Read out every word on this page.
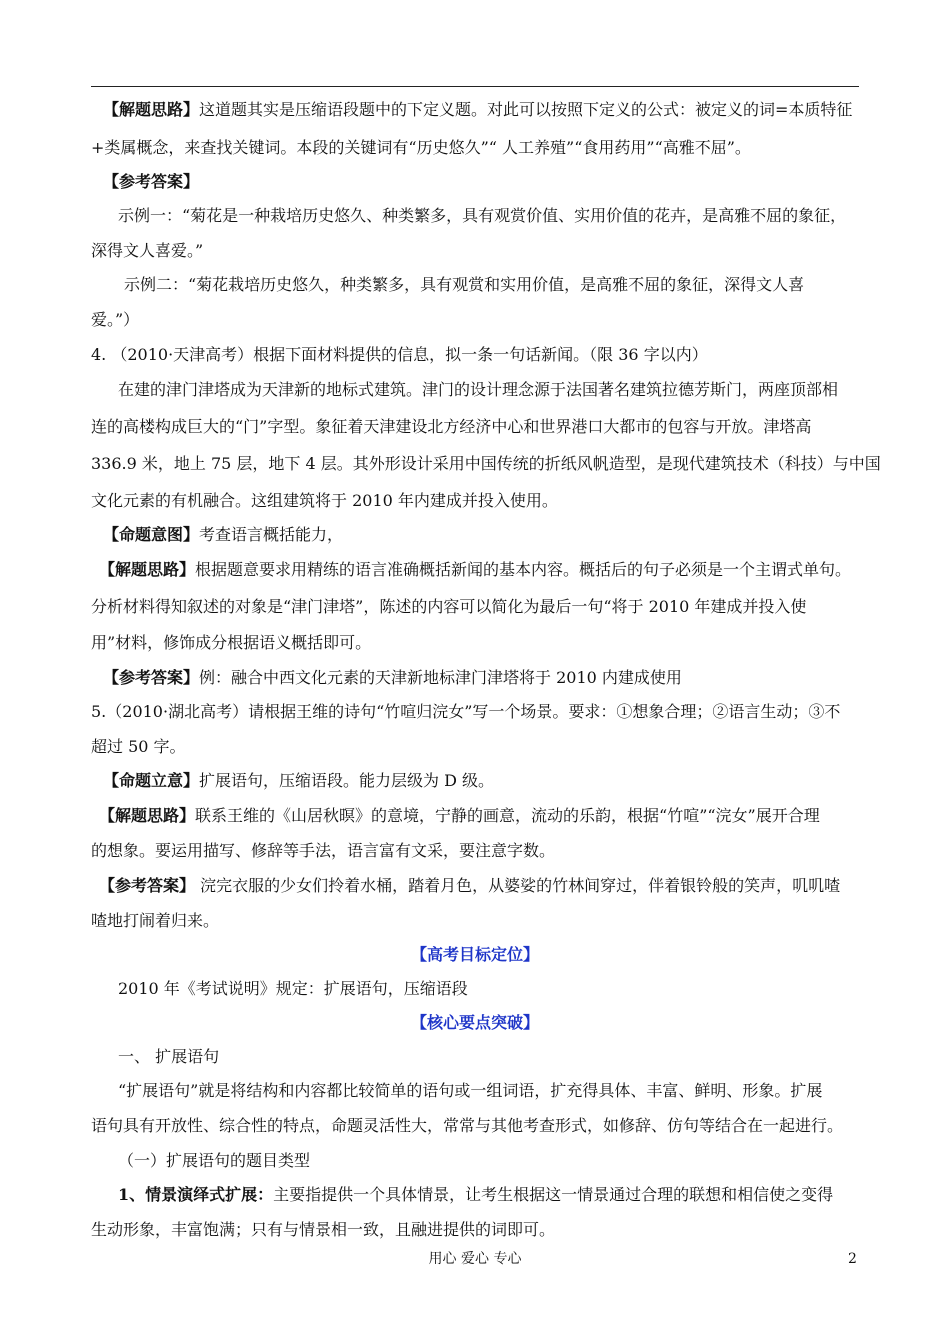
【解题思路】这道题其实是压缩语段题中的下定义题。对此可以按照下定义的公式：被定义的词=本质特征
+类属概念，来查找关键词。本段的关键词有“历史悠久”“ 人工养殖”“食用药用”“高雅不屈”。
【参考答案】
示例一：“菊花是一种栽培历史悠久、种类繁多，具有观赏价值、实用价值的花卉，是高雅不屈的象征，
深得文人喜爱。”
示例二：“菊花栽培历史悠久，种类繁多，具有观赏和实用价值，是高雅不屈的象征，深得文人喜
爱。”）
4. （2010·天津高考）根据下面材料提供的信息，拟一条一句话新闻。（限 36 字以内）
在建的津门津塔成为天津新的地标式建筑。津门的设计理念源于法国著名建筑拉德芳斯门，两座顶部相
连的高楼构成巨大的“门”字型。象征着天津建设北方经济中心和世界港口大都市的包容与开放。津塔高
336.9 米，地上 75 层，地下 4 层。其外形设计采用中国传统的折纸风帆造型，是现代建筑技术（科技）与中国
文化元素的有机融合。这组建筑将于 2010 年内建成并投入使用。
【命题意图】考查语言概括能力，
【解题思路】根据题意要求用精练的语言准确概括新闻的基本内容。概括后的句子必须是一个主谓式单句。
分析材料得知叙述的对象是“津门津塔”，陈述的内容可以简化为最后一句“将于 2010 年建成并投入使
用”材料，修饰成分根据语义概括即可。
【参考答案】例：融合中西文化元素的天津新地标津门津塔将于 2010 内建成使用
5.（2010·湖北高考）请根据王维的诗句“竹喧归浣女”写一个场景。要求：①想象合理；②语言生动；③不
超过 50 字。
【命题立意】扩展语句，压缩语段。能力层级为 D 级。
【解题思路】联系王维的《山居秋暝》的意境，宁静的画意，流动的乐韵，根据“竹喧”“浣女”展开合理
的想象。要运用描写、修辞等手法，语言富有文采，要注意字数。
【参考答案】 浣完衣服的少女们拎着水桶，踏着月色，从婆娑的竹林间穿过，伴着银铃般的笑声，叽叽喳
喳地打闹着归来。
【高考目标定位】
2010 年《考试说明》规定：扩展语句，压缩语段
【核心要点突破】
一、 扩展语句
“扩展语句”就是将结构和内容都比较简单的语句或一组词语，扩充得具体、丰富、鲜明、形象。扩展
语句具有开放性、综合性的特点，命题灵活性大，常常与其他考查形式，如修辞、仿句等结合在一起进行。
（一）扩展语句的题目类型
1、情景演绎式扩展：主要指提供一个具体情景，让考生根据这一情景通过合理的联想和相信使之变得
生动形象，丰富饱满；只有与情景相一致，且融进提供的词即可。
用心 爱心 专心	2
